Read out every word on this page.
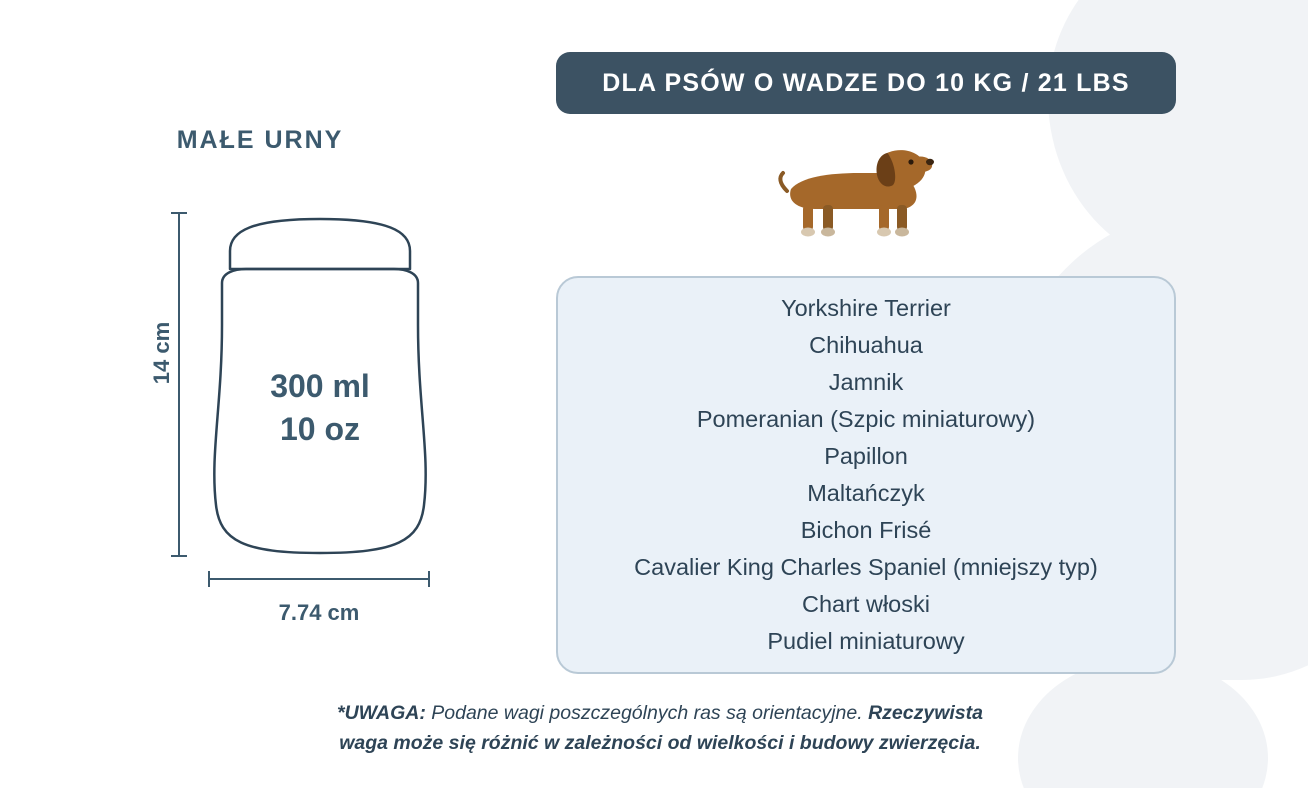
MAŁE URNY
300 ml
10 oz
14 cm
7.74 cm
DLA PSÓW O WADZE DO 10 KG / 21 LBS
Yorkshire Terrier
Chihuahua
Jamnik
Pomeranian (Szpic miniaturowy)
Papillon
Maltańczyk
Bichon Frisé
Cavalier King Charles Spaniel (mniejszy typ)
Chart włoski
Pudiel miniaturowy
*UWAGA: Podane wagi poszczególnych ras są orientacyjne. Rzeczywista
waga może się różnić w zależności od wielkości i budowy zwierzęcia.
